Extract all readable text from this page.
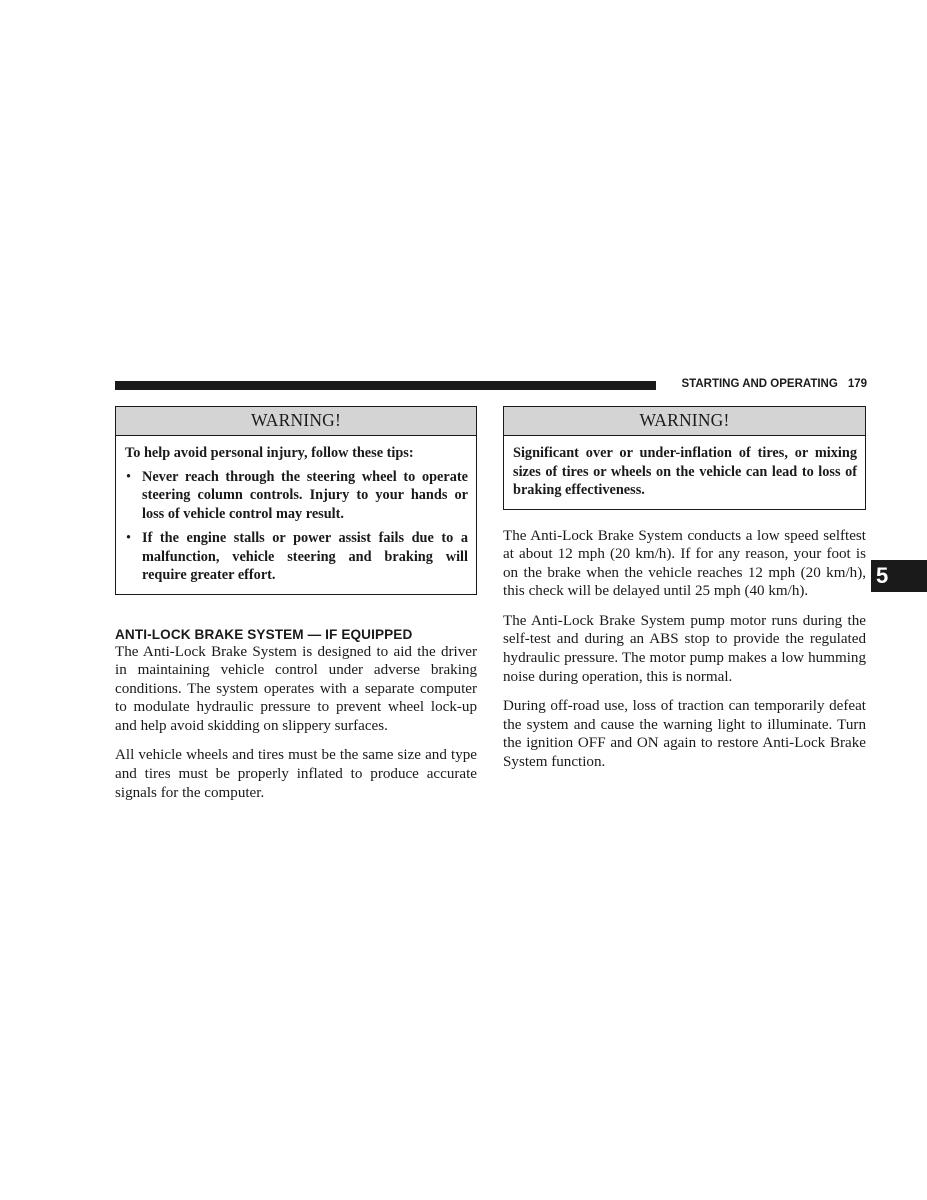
STARTING AND OPERATING 179
WARNING!

To help avoid personal injury, follow these tips:

• Never reach through the steering wheel to operate steering column controls. Injury to your hands or loss of vehicle control may result.
• If the engine stalls or power assist fails due to a malfunction, vehicle steering and braking will require greater effort.
ANTI-LOCK BRAKE SYSTEM — IF EQUIPPED

The Anti-Lock Brake System is designed to aid the driver in maintaining vehicle control under adverse braking conditions. The system operates with a separate computer to modulate hydraulic pressure to prevent wheel lock-up and help avoid skidding on slippery surfaces.

All vehicle wheels and tires must be the same size and type and tires must be properly inflated to produce accurate signals for the computer.

WARNING!

Significant over or under-inflation of tires, or mixing sizes of tires or wheels on the vehicle can lead to loss of braking effectiveness.

The Anti-Lock Brake System conducts a low speed selftest at about 12 mph (20 km/h). If for any reason, your foot is on the brake when the vehicle reaches 12 mph (20 km/h), this check will be delayed until 25 mph (40 km/h).

The Anti-Lock Brake System pump motor runs during the self-test and during an ABS stop to provide the regulated hydraulic pressure. The motor pump makes a low humming noise during operation, this is normal.

During off-road use, loss of traction can temporarily defeat the system and cause the warning light to illuminate. Turn the ignition OFF and ON again to restore Anti-Lock Brake System function.

5
